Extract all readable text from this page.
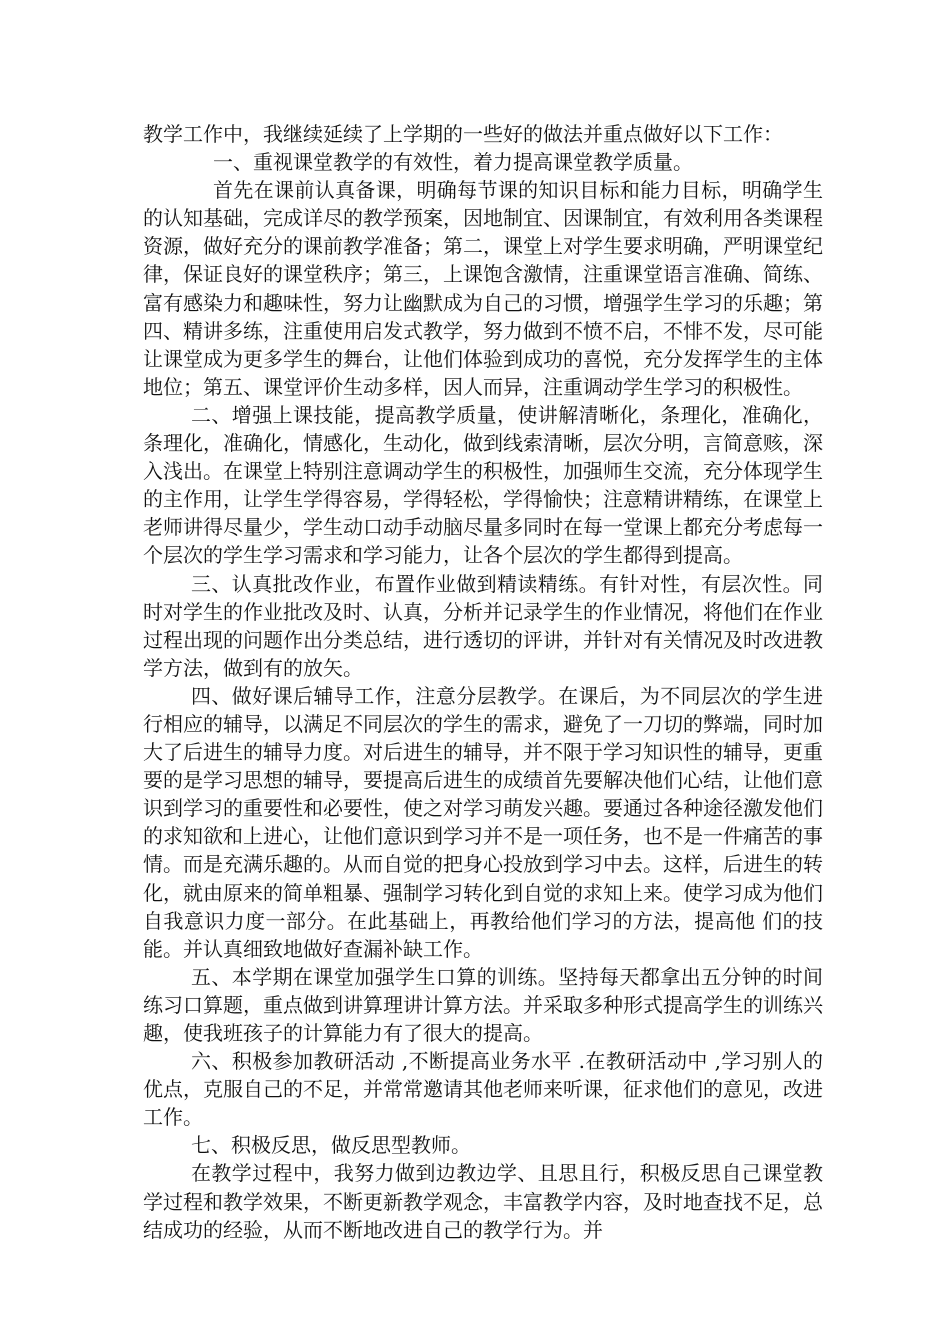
教学工作中，我继续延续了上学期的一些好的做法并重点做好以下工作：

一、重视课堂教学的有效性，着力提高课堂教学质量。

首先在课前认真备课，明确每节课的知识目标和能力目标，明确学生的认知基础，完成详尽的教学预案，因地制宜、因课制宜，有效利用各类课程资源，做好充分的课前教学准备；第二，课堂上对学生要求明确，严明课堂纪律，保证良好的课堂秩序；第三，上课饱含激情，注重课堂语言准确、简练、富有感染力和趣味性，努力让幽默成为自己的习惯，增强学生学习的乐趣；第四、精讲多练，注重使用启发式教学，努力做到不愤不启，不悱不发，尽可能让课堂成为更多学生的舞台，让他们体验到成功的喜悦，充分发挥学生的主体地位；第五、课堂评价生动多样，因人而异，注重调动学生学习的积极性。

二、增强上课技能，提高教学质量，使讲解清晰化，条理化，准确化，条理化，准确化，情感化，生动化，做到线索清晰，层次分明，言简意赅，深入浅出。在课堂上特别注意调动学生的积极性，加强师生交流，充分体现学生的主作用，让学生学得容易，学得轻松，学得愉快；注意精讲精练，在课堂上老师讲得尽量少，学生动口动手动脑尽量多同时在每一堂课上都充分考虑每一个层次的学生学习需求和学习能力，让各个层次的学生都得到提高。

三、认真批改作业，布置作业做到精读精练。有针对性，有层次性。同时对学生的作业批改及时、认真，分析并记录学生的作业情况，将他们在作业过程出现的问题作出分类总结，进行透切的评讲，并针对有关情况及时改进教学方法，做到有的放矢。

四、做好课后辅导工作，注意分层教学。在课后，为不同层次的学生进行相应的辅导，以满足不同层次的学生的需求，避免了一刀切的弊端，同时加大了后进生的辅导力度。对后进生的辅导，并不限于学习知识性的辅导，更重要的是学习思想的辅导，要提高后进生的成绩首先要解决他们心结，让他们意识到学习的重要性和必要性，使之对学习萌发兴趣。要通过各种途径激发他们的求知欲和上进心，让他们意识到学习并不是一项任务，也不是一件痛苦的事情。而是充满乐趣的。从而自觉的把身心投放到学习中去。这样，后进生的转化，就由原来的简单粗暴、强制学习转化到自觉的求知上来。使学习成为他们自我意识力度一部分。在此基础上，再教给他们学习的方法，提高他 们的技能。并认真细致地做好查漏补缺工作。

五、本学期在课堂加强学生口算的训练。坚持每天都拿出五分钟的时间练习口算题，重点做到讲算理讲计算方法。并采取多种形式提高学生的训练兴趣，使我班孩子的计算能力有了很大的提高。

六、积极参加教研活动 ,不断提高业务水平 .在教研活动中 ,学习别人的优点，克服自己的不足，并常常邀请其他老师来听课，征求他们的意见，改进工作。

七、积极反思，做反思型教师。

在教学过程中，我努力做到边教边学、且思且行，积极反思自己课堂教学过程和教学效果，不断更新教学观念，丰富教学内容，及时地查找不足，总结成功的经验，从而不断地改进自己的教学行为。并
